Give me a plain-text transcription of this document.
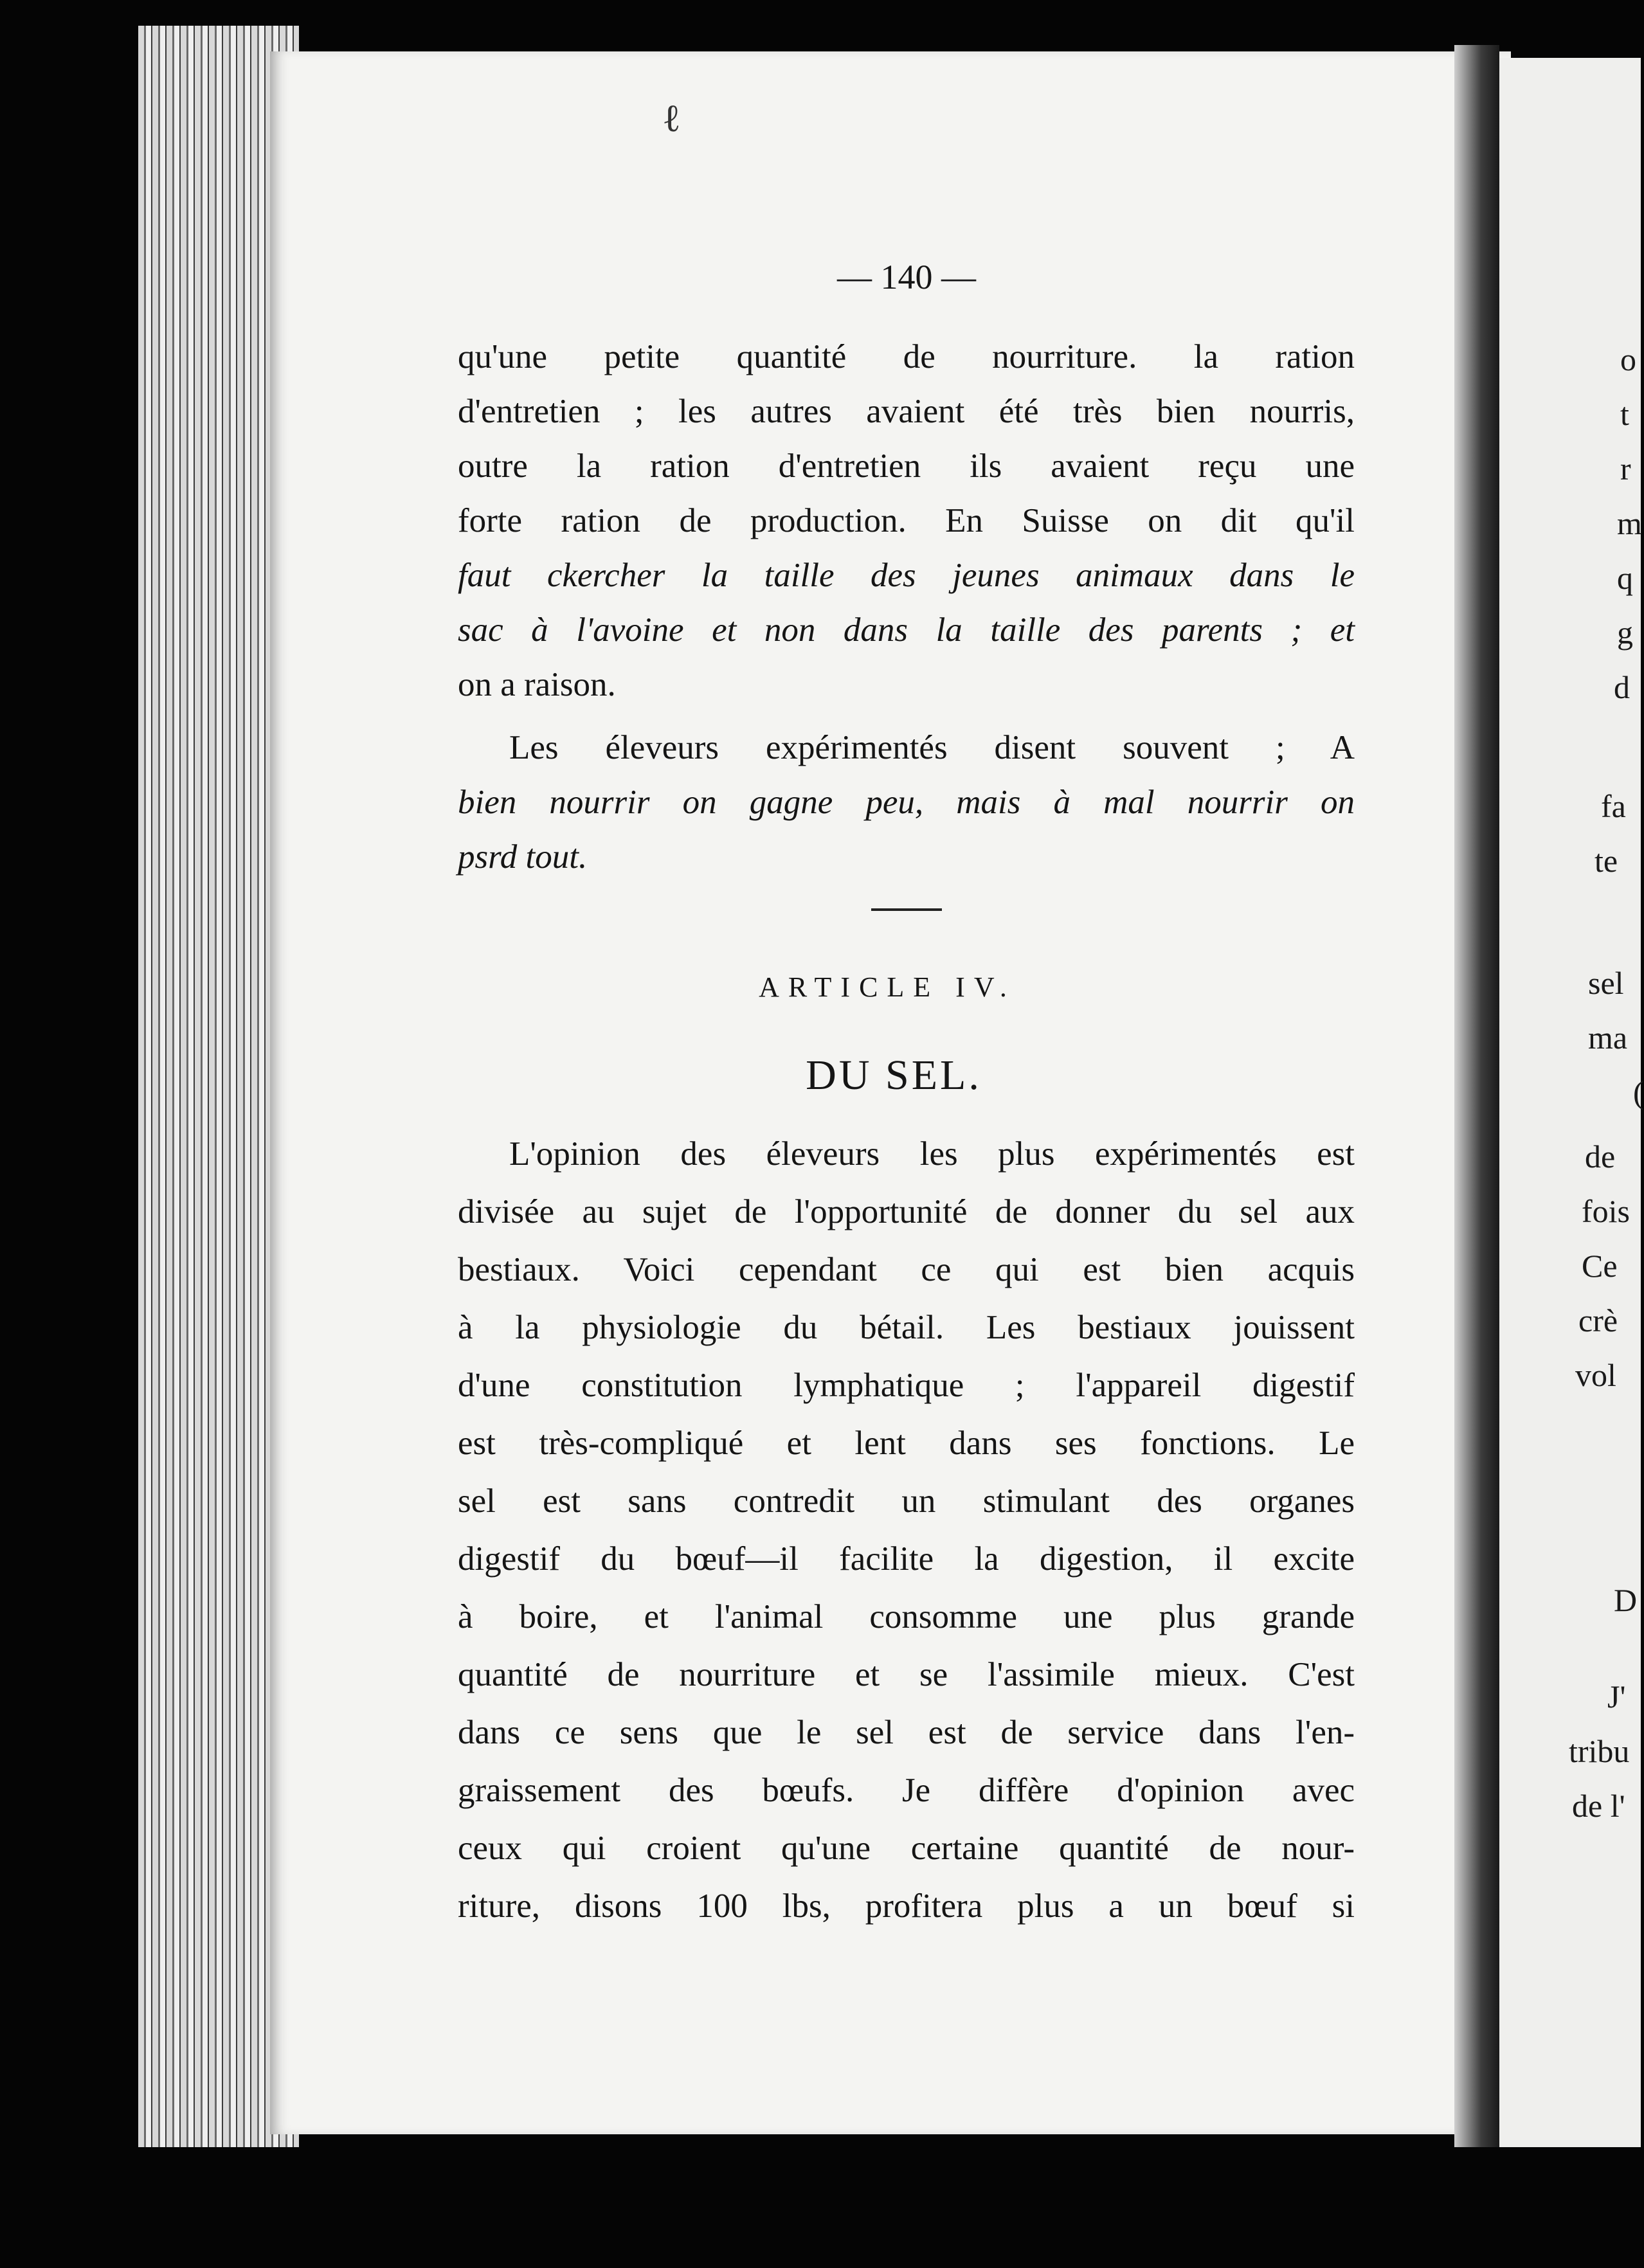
ℓ
— 140 —
qu'une petite quantité de nourriture. la ration
d'entretien ; les autres avaient été très bien nourris,
outre la ration d'entretien ils avaient reçu une
forte ration de production. En Suisse on dit qu'il
faut ckercher la taille des jeunes animaux dans le
sac à l'avoine et non dans la taille des parents ; et
on a raison.
Les éleveurs expérimentés disent souvent ; A
bien nourrir on gagne peu, mais à mal nourrir on
psrd tout.
L'opinion des éleveurs les plus expérimentés est
divisée au sujet de l'opportunité de donner du sel aux
bestiaux. Voici cependant ce qui est bien acquis
à la physiologie du bétail. Les bestiaux jouissent
d'une constitution lymphatique ; l'appareil digestif
est très-compliqué et lent dans ses fonctions. Le
sel est sans contredit un stimulant des organes
digestif du bœuf—il facilite la digestion, il excite
à boire, et l'animal consomme une plus grande
quantité de nourriture et se l'assimile mieux. C'est
dans ce sens que le sel est de service dans l'en-
graissement des bœufs. Je diffère d'opinion avec
ceux qui croient qu'une certaine quantité de nour-
riture, disons 100 lbs, profitera plus a un bœuf si
ARTICLE IV.
DU SEL.
o
t
r
m
q
g
d
fa
te
sel
ma
(
de
fois
Ce
crè
vol
D
J'
tribu
de l'
